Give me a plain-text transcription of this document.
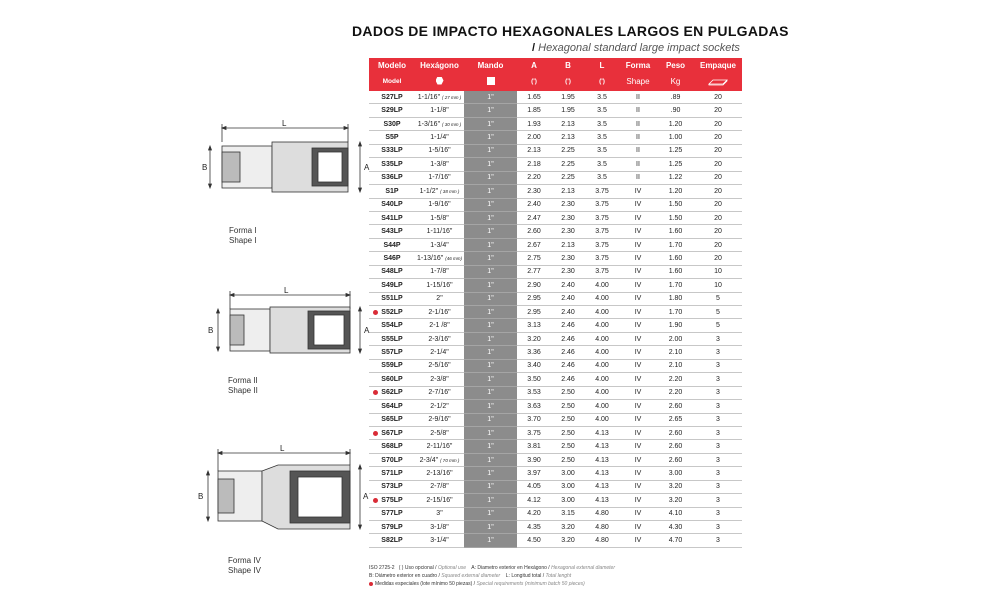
DADOS DE IMPACTO HEXAGONALES LARGOS EN PULGADAS
/ Hexagonal standard large impact sockets
Modelo	Hexágono	Mando	A	B	L	Forma	Peso	Empaque
Model			(')	(')	(')	Shape	Kg	
S27LP	1-1/16" ( 27 mm )	1"	1.65	1.95	3.5	II	.89	20
S29LP	1-1/8"	1"	1.85	1.95	3.5	II	.90	20
S30P	1-3/16" ( 30 mm )	1"	1.93	2.13	3.5	II	1.20	20
S5P	1-1/4"	1"	2.00	2.13	3.5	II	1.00	20
S33LP	1-5/16"	1"	2.13	2.25	3.5	II	1.25	20
S35LP	1-3/8"	1"	2.18	2.25	3.5	II	1.25	20
S36LP	1-7/16"	1"	2.20	2.25	3.5	II	1.22	20
S1P	1-1/2" ( 38 mm )	1"	2.30	2.13	3.75	IV	1.20	20
S40LP	1-9/16"	1"	2.40	2.30	3.75	IV	1.50	20
S41LP	1-5/8"	1"	2.47	2.30	3.75	IV	1.50	20
S43LP	1-11/16"	1"	2.60	2.30	3.75	IV	1.60	20
S44P	1-3/4"	1"	2.67	2.13	3.75	IV	1.70	20
S46P	1-13/16" (46 mm)	1"	2.75	2.30	3.75	IV	1.60	20
S48LP	1-7/8"	1"	2.77	2.30	3.75	IV	1.60	10
S49LP	1-15/16"	1"	2.90	2.40	4.00	IV	1.70	10
S51LP	2"	1"	2.95	2.40	4.00	IV	1.80	5

S52LP	2-1/16"	1"	2.95	2.40	4.00	IV	1.70	5
S54LP	2-1 /8"	1"	3.13	2.46	4.00	IV	1.90	5
S55LP	2-3/16"	1"	3.20	2.46	4.00	IV	2.00	3
S57LP	2-1/4"	1"	3.36	2.46	4.00	IV	2.10	3
S59LP	2-5/16"	1"	3.40	2.46	4.00	IV	2.10	3
S60LP	2-3/8"	1"	3.50	2.46	4.00	IV	2.20	3

S62LP	2-7/16"	1"	3.53	2.50	4.00	IV	2.20	3
S64LP	2-1/2"	1"	3.63	2.50	4.00	IV	2.60	3
S65LP	2-9/16"	1"	3.70	2.50	4.00	IV	2.65	3

S67LP	2-5/8"	1"	3.75	2.50	4.13	IV	2.60	3
S68LP	2-11/16"	1"	3.81	2.50	4.13	IV	2.60	3
S70LP	2-3/4" ( 70 mm )	1"	3.90	2.50	4.13	IV	2.60	3
S71LP	2-13/16"	1"	3.97	3.00	4.13	IV	3.00	3
S73LP	2-7/8"	1"	4.05	3.00	4.13	IV	3.20	3

S75LP	2-15/16"	1"	4.12	3.00	4.13	IV	3.20	3
S77LP	3"	1"	4.20	3.15	4.80	IV	4.10	3
S79LP	3-1/8"	1"	4.35	3.20	4.80	IV	4.30	3
S82LP	3-1/4"	1"	4.50	3.20	4.80	IV	4.70	3
L
B	A
Forma I
Shape I
L
B	A
Forma II
Shape II
L
B	A
Forma IV
Shape IV	ISO 2725-2 ( ) Uso opcional / Optional use A: Diametro exterior en Hexágono / Hexagonal external diameter
B: Diámetro exterior en cuadro / Squared external diameter L: Longitud total / Total lenght
Medidas especiales (lote mínimo 50 piezas) / Special requirements (minimum batch 50 pieces)
